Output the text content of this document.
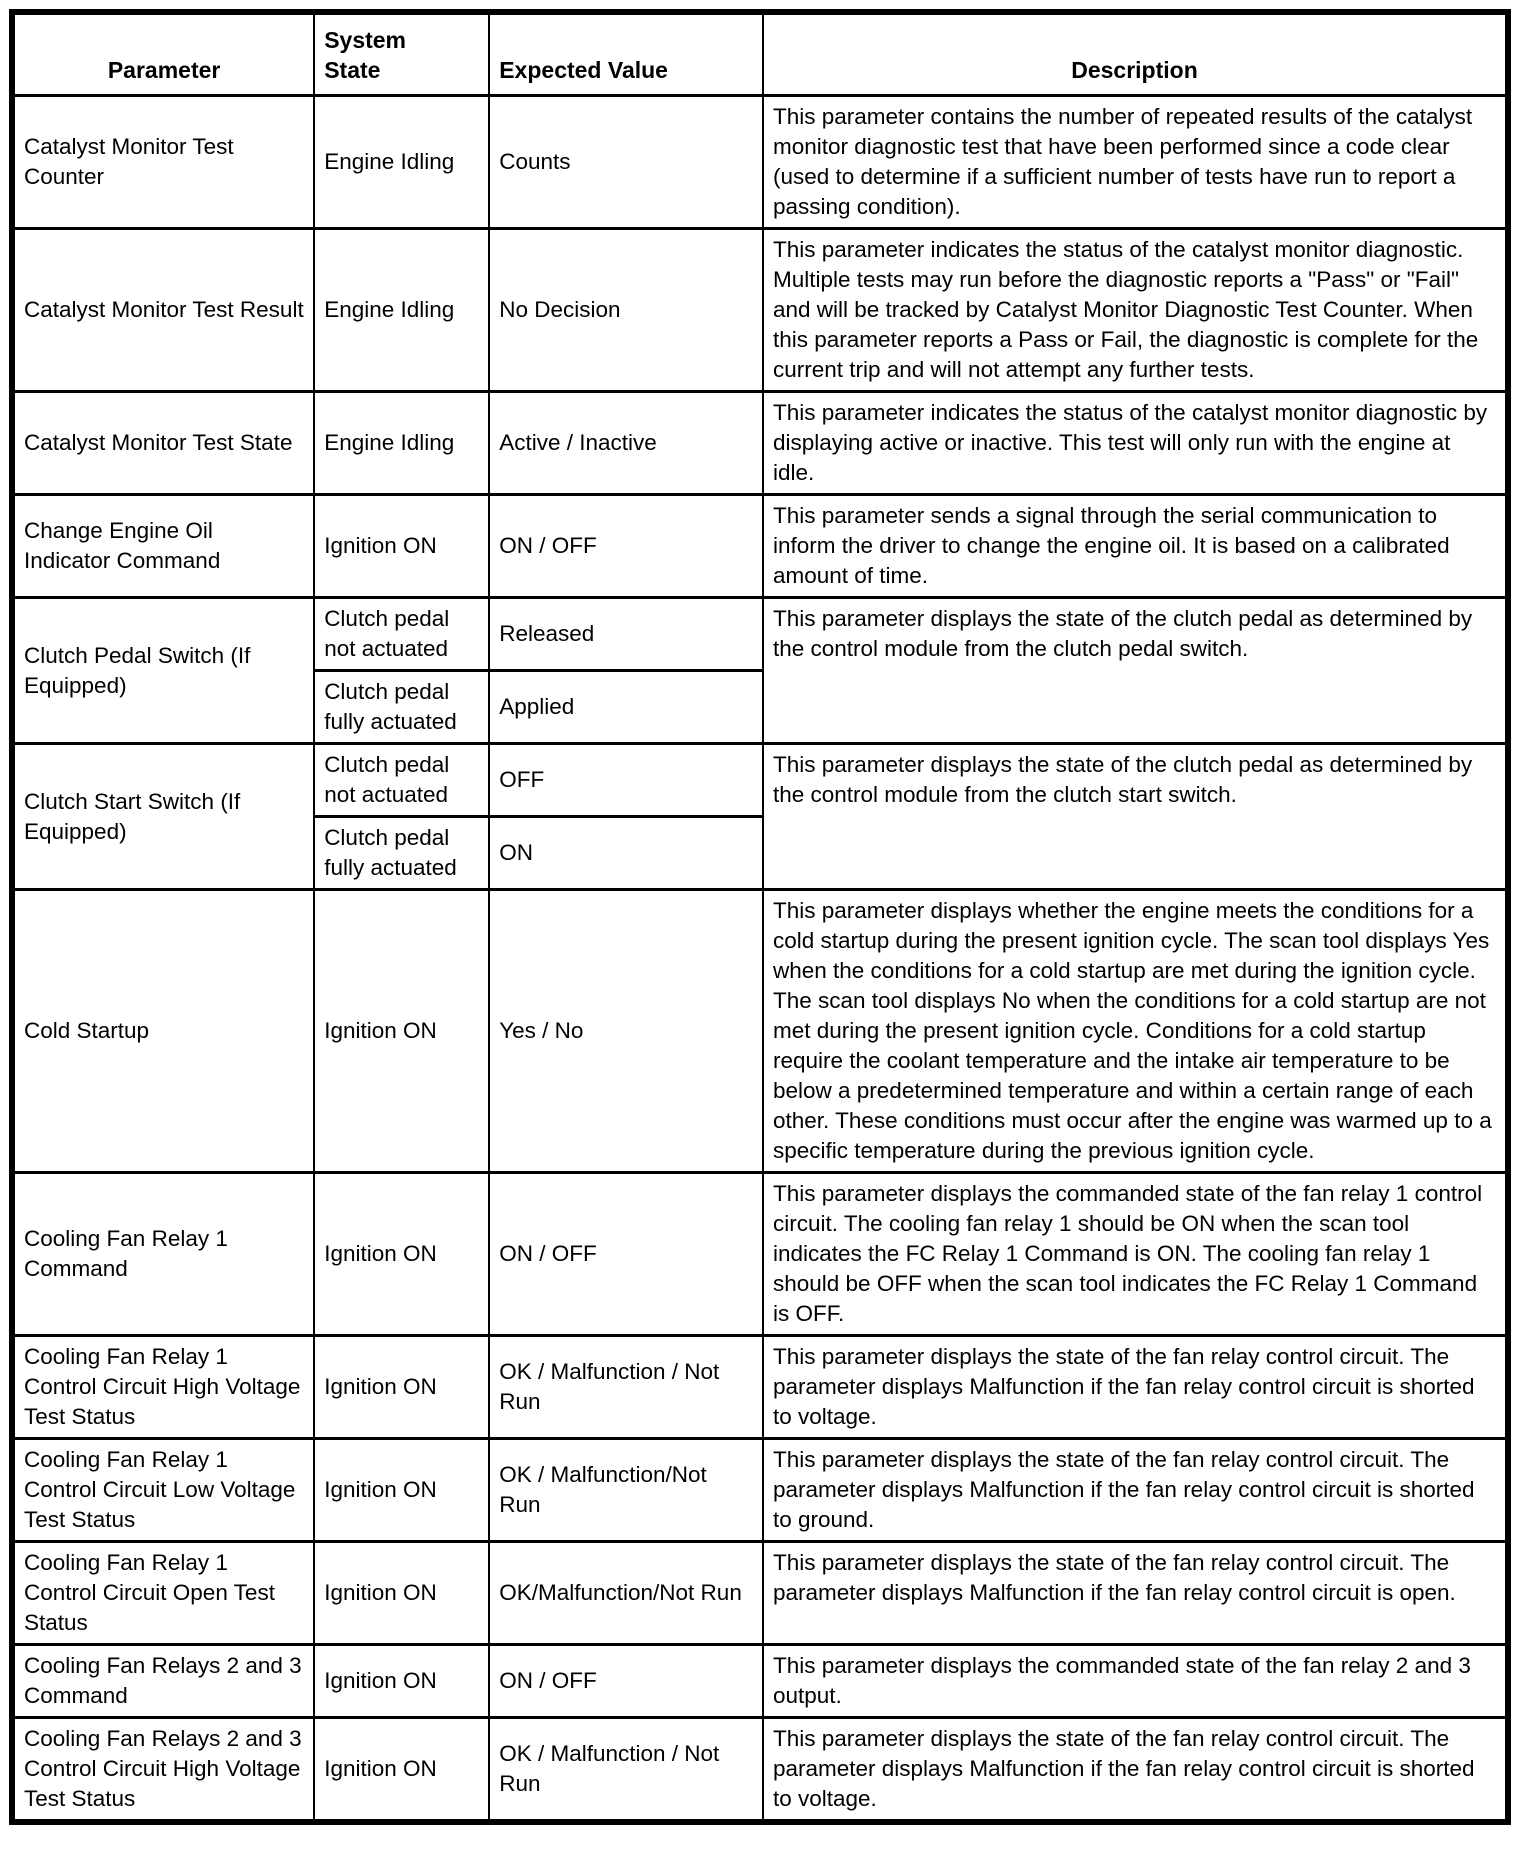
Parameter	System State	Expected Value	Description
Catalyst Monitor Test Counter	Engine Idling	Counts	This parameter contains the number of repeated results of the catalyst monitor diagnostic test that have been performed since a code clear (used to determine if a sufficient number of tests have run to report a passing condition).
Catalyst Monitor Test Result	Engine Idling	No Decision	This parameter indicates the status of the catalyst monitor diagnostic. Multiple tests may run before the diagnostic reports a "Pass" or "Fail" and will be tracked by Catalyst Monitor Diagnostic Test Counter. When this parameter reports a Pass or Fail, the diagnostic is complete for the current trip and will not attempt any further tests.
Catalyst Monitor Test State	Engine Idling	Active / Inactive	This parameter indicates the status of the catalyst monitor diagnostic by displaying active or inactive. This test will only run with the engine at idle.
Change Engine Oil Indicator Command	Ignition ON	ON / OFF	This parameter sends a signal through the serial communication to inform the driver to change the engine oil. It is based on a calibrated amount of time.
Clutch Pedal Switch (If Equipped)	Clutch pedal not actuated	Released	This parameter displays the state of the clutch pedal as determined by the control module from the clutch pedal switch.
	Clutch pedal fully actuated	Applied	
Clutch Start Switch (If Equipped)	Clutch pedal not actuated	OFF	This parameter displays the state of the clutch pedal as determined by the control module from the clutch start switch.
	Clutch pedal fully actuated	ON	
Cold Startup	Ignition ON	Yes / No	This parameter displays whether the engine meets the conditions for a cold startup during the present ignition cycle. The scan tool displays Yes when the conditions for a cold startup are met during the ignition cycle. The scan tool displays No when the conditions for a cold startup are not met during the present ignition cycle. Conditions for a cold startup require the coolant temperature and the intake air temperature to be below a predetermined temperature and within a certain range of each other. These conditions must occur after the engine was warmed up to a specific temperature during the previous ignition cycle.
Cooling Fan Relay 1 Command	Ignition ON	ON / OFF	This parameter displays the commanded state of the fan relay 1 control circuit. The cooling fan relay 1 should be ON when the scan tool indicates the FC Relay 1 Command is ON. The cooling fan relay 1 should be OFF when the scan tool indicates the FC Relay 1 Command is OFF.
Cooling Fan Relay 1 Control Circuit High Voltage Test Status	Ignition ON	OK / Malfunction / Not Run	This parameter displays the state of the fan relay control circuit. The parameter displays Malfunction if the fan relay control circuit is shorted to voltage.
Cooling Fan Relay 1 Control Circuit Low Voltage Test Status	Ignition ON	OK / Malfunction/Not Run	This parameter displays the state of the fan relay control circuit. The parameter displays Malfunction if the fan relay control circuit is shorted to ground.
Cooling Fan Relay 1 Control Circuit Open Test Status	Ignition ON	OK/Malfunction/Not Run	This parameter displays the state of the fan relay control circuit. The parameter displays Malfunction if the fan relay control circuit is open.
Cooling Fan Relays 2 and 3 Command	Ignition ON	ON / OFF	This parameter displays the commanded state of the fan relay 2 and 3 output.
Cooling Fan Relays 2 and 3 Control Circuit High Voltage Test Status	Ignition ON	OK / Malfunction / Not Run	This parameter displays the state of the fan relay control circuit. The parameter displays Malfunction if the fan relay control circuit is shorted to voltage.
